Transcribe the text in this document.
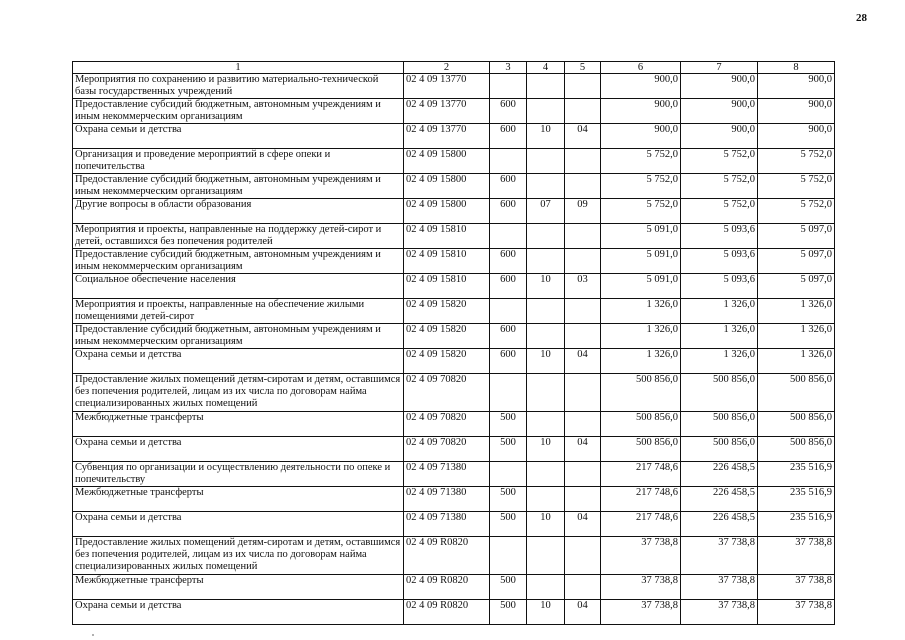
28
1	2	3	4	5	6	7	8
Мероприятия по сохранению и развитию материально-технической базы государственных учреждений	02 4 09 13770				900,0	900,0	900,0
Предоставление субсидий бюджетным, автономным учреждениям и иным некоммерческим организациям	02 4 09 13770	600			900,0	900,0	900,0
Охрана семьи и детства	02 4 09 13770	600	10	04	900,0	900,0	900,0
Организация и проведение мероприятий в сфере опеки и попечительства	02 4 09 15800				5 752,0	5 752,0	5 752,0
Предоставление субсидий бюджетным, автономным учреждениям и иным некоммерческим организациям	02 4 09 15800	600			5 752,0	5 752,0	5 752,0
Другие вопросы в области образования	02 4 09 15800	600	07	09	5 752,0	5 752,0	5 752,0
Мероприятия и проекты, направленные на поддержку детей-сирот и детей, оставшихся без попечения родителей	02 4 09 15810				5 091,0	5 093,6	5 097,0
Предоставление субсидий бюджетным, автономным учреждениям и иным некоммерческим организациям	02 4 09 15810	600			5 091,0	5 093,6	5 097,0
Социальное обеспечение населения	02 4 09 15810	600	10	03	5 091,0	5 093,6	5 097,0
Мероприятия и проекты, направленные на обеспечение жилыми помещениями детей-сирот	02 4 09 15820				1 326,0	1 326,0	1 326,0
Предоставление субсидий бюджетным, автономным учреждениям и иным некоммерческим организациям	02 4 09 15820	600			1 326,0	1 326,0	1 326,0
Охрана семьи и детства	02 4 09 15820	600	10	04	1 326,0	1 326,0	1 326,0
Предоставление жилых помещений детям-сиротам и детям, оставшимся без попечения родителей, лицам из их числа по договорам найма специализированных жилых помещений	02 4 09 70820				500 856,0	500 856,0	500 856,0
Межбюджетные трансферты	02 4 09 70820	500			500 856,0	500 856,0	500 856,0
Охрана семьи и детства	02 4 09 70820	500	10	04	500 856,0	500 856,0	500 856,0
Субвенция по организации и осуществлению деятельности по опеке и попечительству	02 4 09 71380				217 748,6	226 458,5	235 516,9
Межбюджетные трансферты	02 4 09 71380	500			217 748,6	226 458,5	235 516,9
Охрана семьи и детства	02 4 09 71380	500	10	04	217 748,6	226 458,5	235 516,9
Предоставление жилых помещений детям-сиротам и детям, оставшимся без попечения родителей, лицам из их числа по договорам найма специализированных жилых помещений	02 4 09 R0820				37 738,8	37 738,8	37 738,8
Межбюджетные трансферты	02 4 09 R0820	500			37 738,8	37 738,8	37 738,8
Охрана семьи и детства	02 4 09 R0820	500	10	04	37 738,8	37 738,8	37 738,8
